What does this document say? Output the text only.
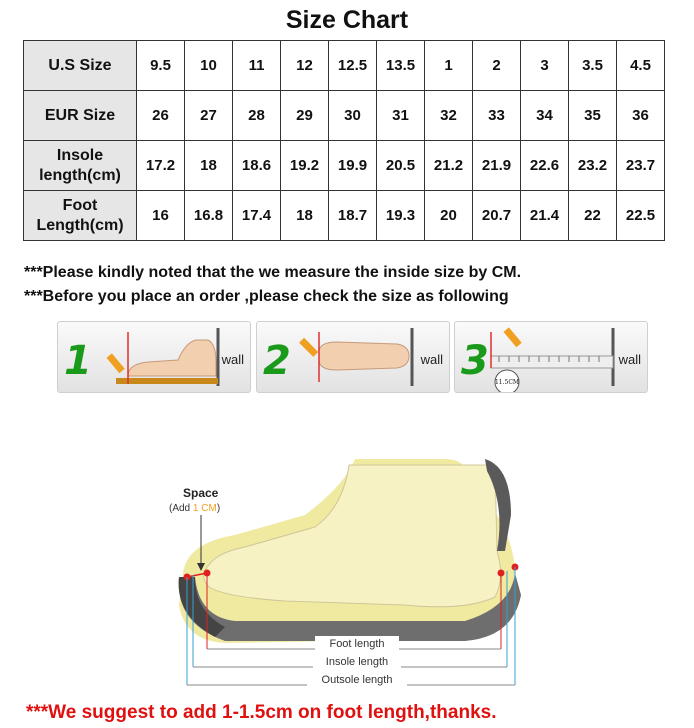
Size Chart
U.S Size	9.5	10	11	12	12.5	13.5	1	2	3	3.5	4.5
EUR Size	26	27	28	29	30	31	32	33	34	35	36
Insole length(cm)	17.2	18	18.6	19.2	19.9	20.5	21.2	21.9	22.6	23.2	23.7
Foot Length(cm)	16	16.8	17.4	18	18.7	19.3	20	20.7	21.4	22	22.5
***Please kindly noted that the we measure the inside size by CM.
***Before you place an order ,please check the size as following
1	wall 2	wall
11.5CM
3	wall
Space
(Add 1 CM)
Foot length
Insole length
Outsole length
***We suggest to add 1-1.5cm on foot length,thanks.
